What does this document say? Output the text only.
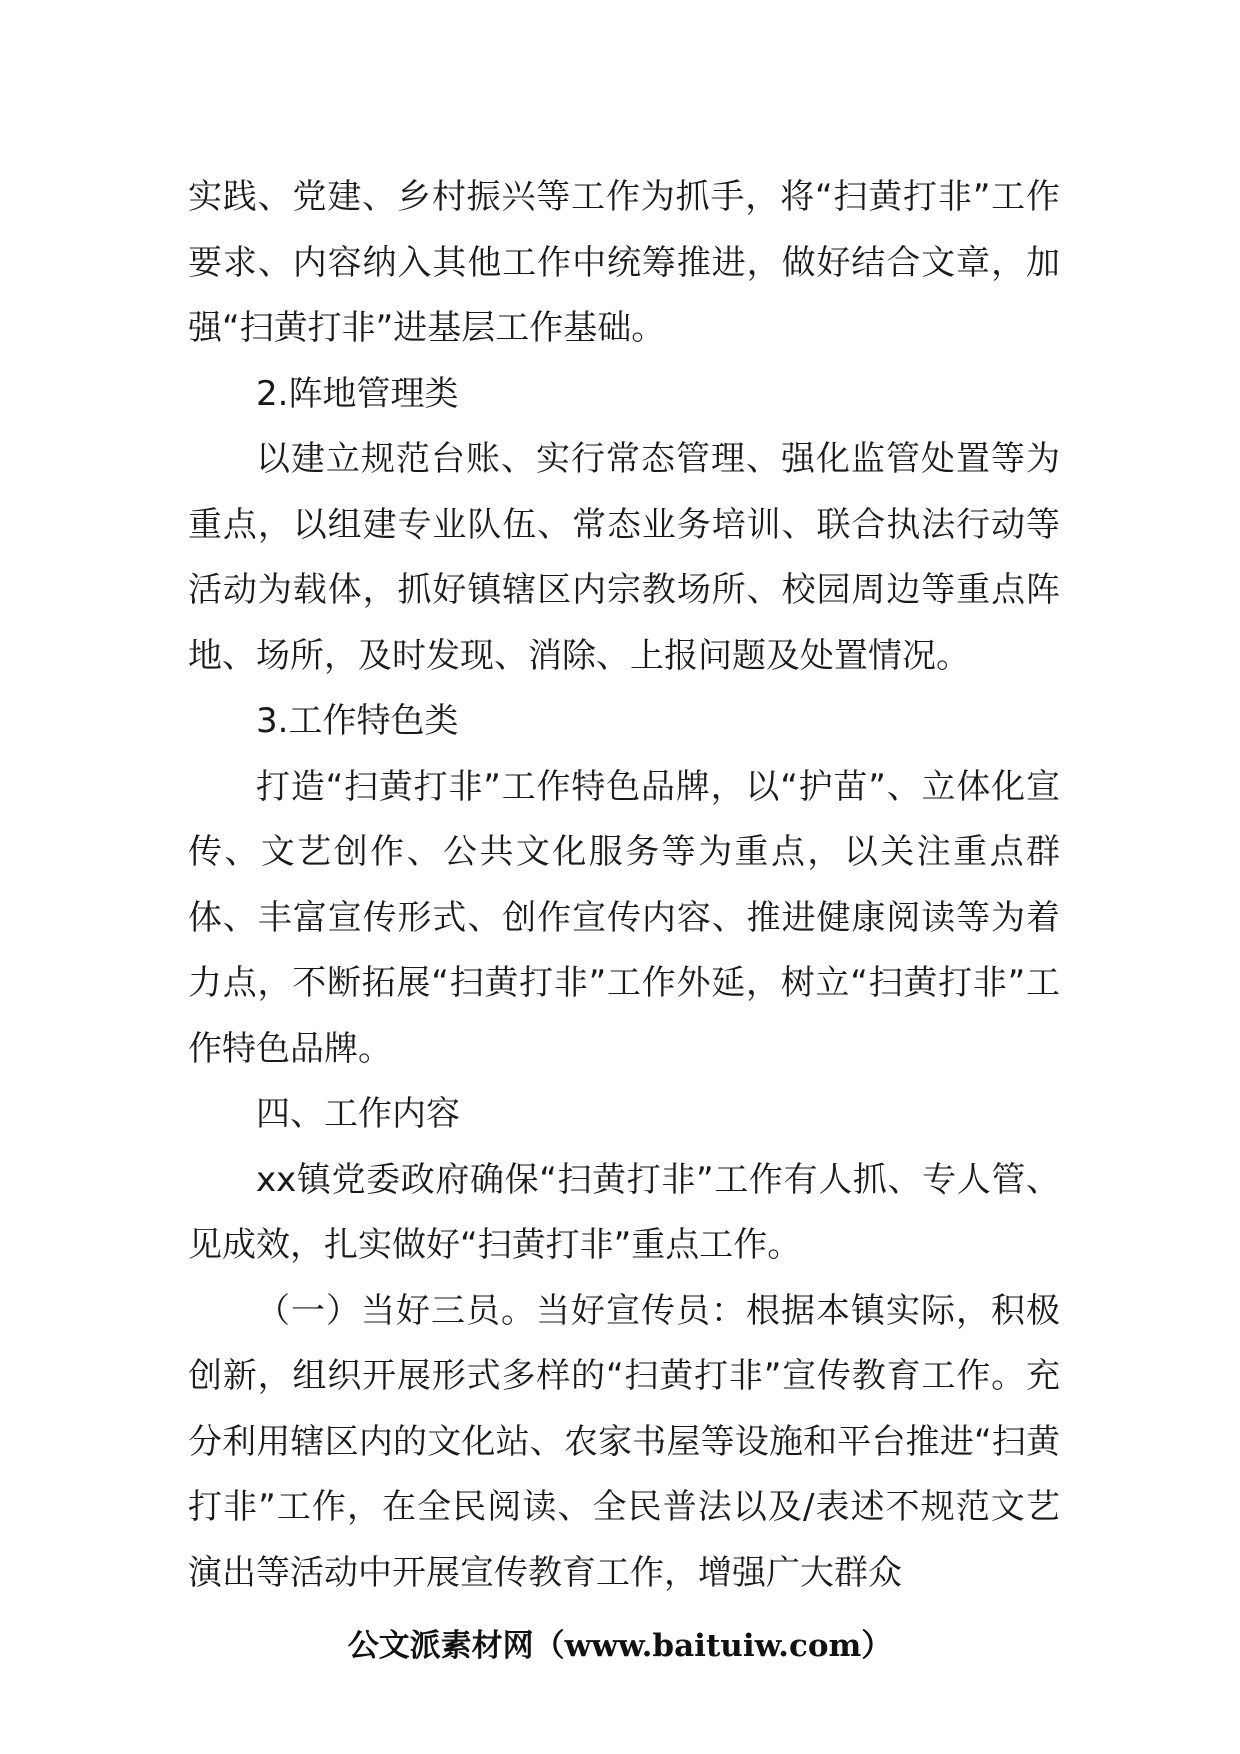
实践、党建、乡村振兴等工作为抓手，将“扫黄打非”工作要求、内容纳入其他工作中统筹推进，做好结合文章，加强“扫黄打非”进基层工作基础。

2.阵地管理类

以建立规范台账、实行常态管理、强化监管处置等为重点，以组建专业队伍、常态业务培训、联合执法行动等活动为载体，抓好镇辖区内宗教场所、校园周边等重点阵地、场所，及时发现、消除、上报问题及处置情况。

3.工作特色类

打造“扫黄打非”工作特色品牌，以“护苗”、立体化宣传、文艺创作、公共文化服务等为重点，以关注重点群体、丰富宣传形式、创作宣传内容、推进健康阅读等为着力点，不断拓展“扫黄打非”工作外延，树立“扫黄打非”工作特色品牌。

四、工作内容

xx镇党委政府确保“扫黄打非”工作有人抓、专人管、见成效，扎实做好“扫黄打非”重点工作。

（一）当好三员。当好宣传员：根据本镇实际，积极创新，组织开展形式多样的“扫黄打非”宣传教育工作。充分利用辖区内的文化站、农家书屋等设施和平台推进“扫黄打非”工作，在全民阅读、全民普法以及/表述不规范文艺演出等活动中开展宣传教育工作，增强广大群众

公文派素材网（www.baituiw.com）
